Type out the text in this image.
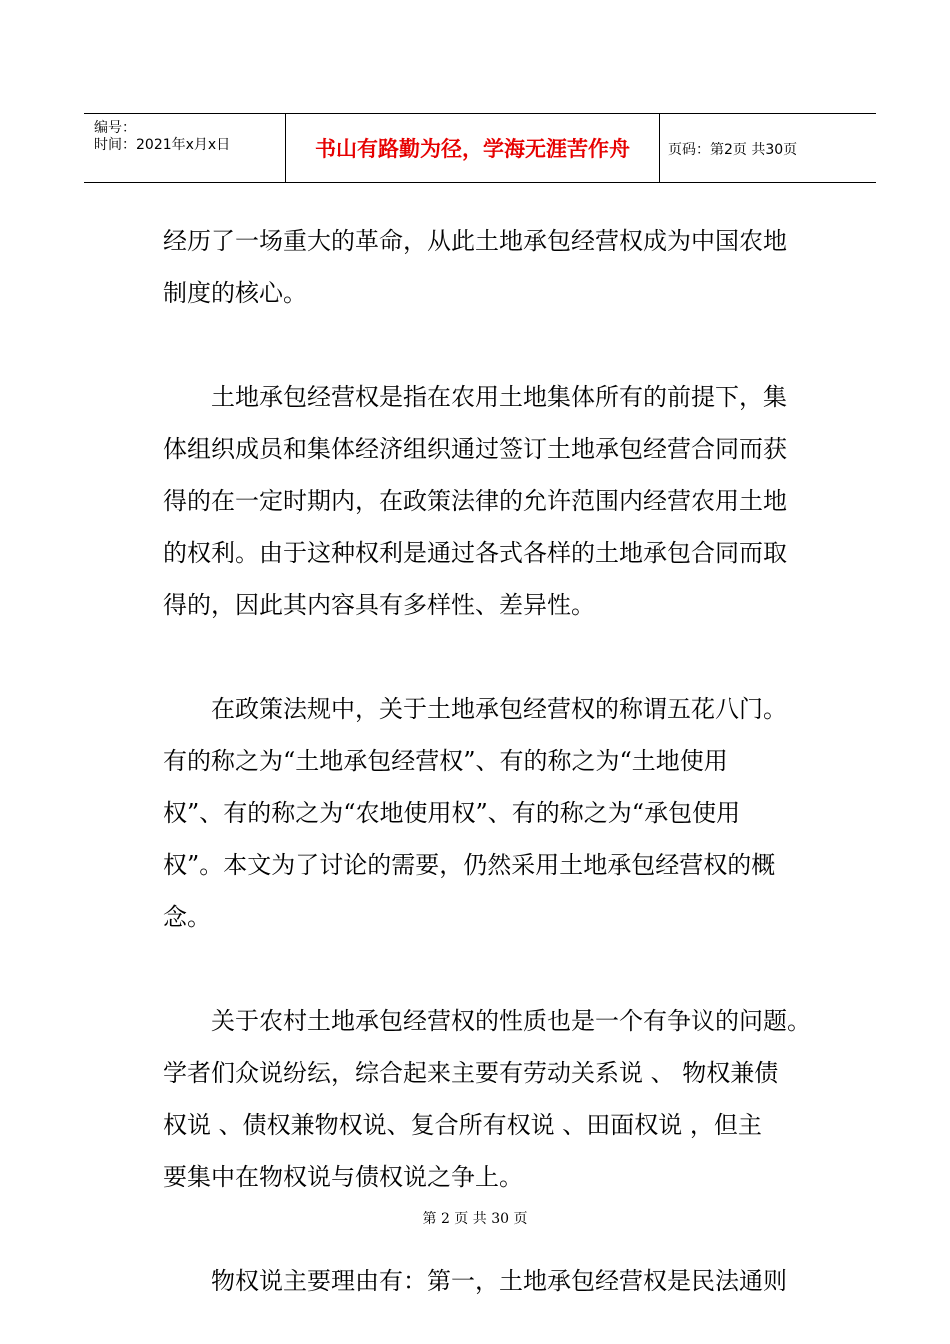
编号：
时间：2021年x月x日	书山有路勤为径，学海无涯苦作舟	页码：第2页 共30页
经历了一场重大的革命，从此土地承包经营权成为中国农地
制度的核心。
　　土地承包经营权是指在农用土地集体所有的前提下，集
体组织成员和集体经济组织通过签订土地承包经营合同而获
得的在一定时期内，在政策法律的允许范围内经营农用土地
的权利。由于这种权利是通过各式各样的土地承包合同而取
得的，因此其内容具有多样性、差异性。
　　在政策法规中，关于土地承包经营权的称谓五花八门。
有的称之为“土地承包经营权”、有的称之为“土地使用
权”、有的称之为“农地使用权”、有的称之为“承包使用
权”。本文为了讨论的需要，仍然采用土地承包经营权的概
念。
　　关于农村土地承包经营权的性质也是一个有争议的问题。
学者们众说纷纭，综合起来主要有劳动关系说 、 物权兼债
权说 、债权兼物权说、复合所有权说 、田面权说 ，但主
要集中在物权说与债权说之争上。
　　物权说主要理由有：第一，土地承包经营权是民法通则
第 2 页 共 30 页
